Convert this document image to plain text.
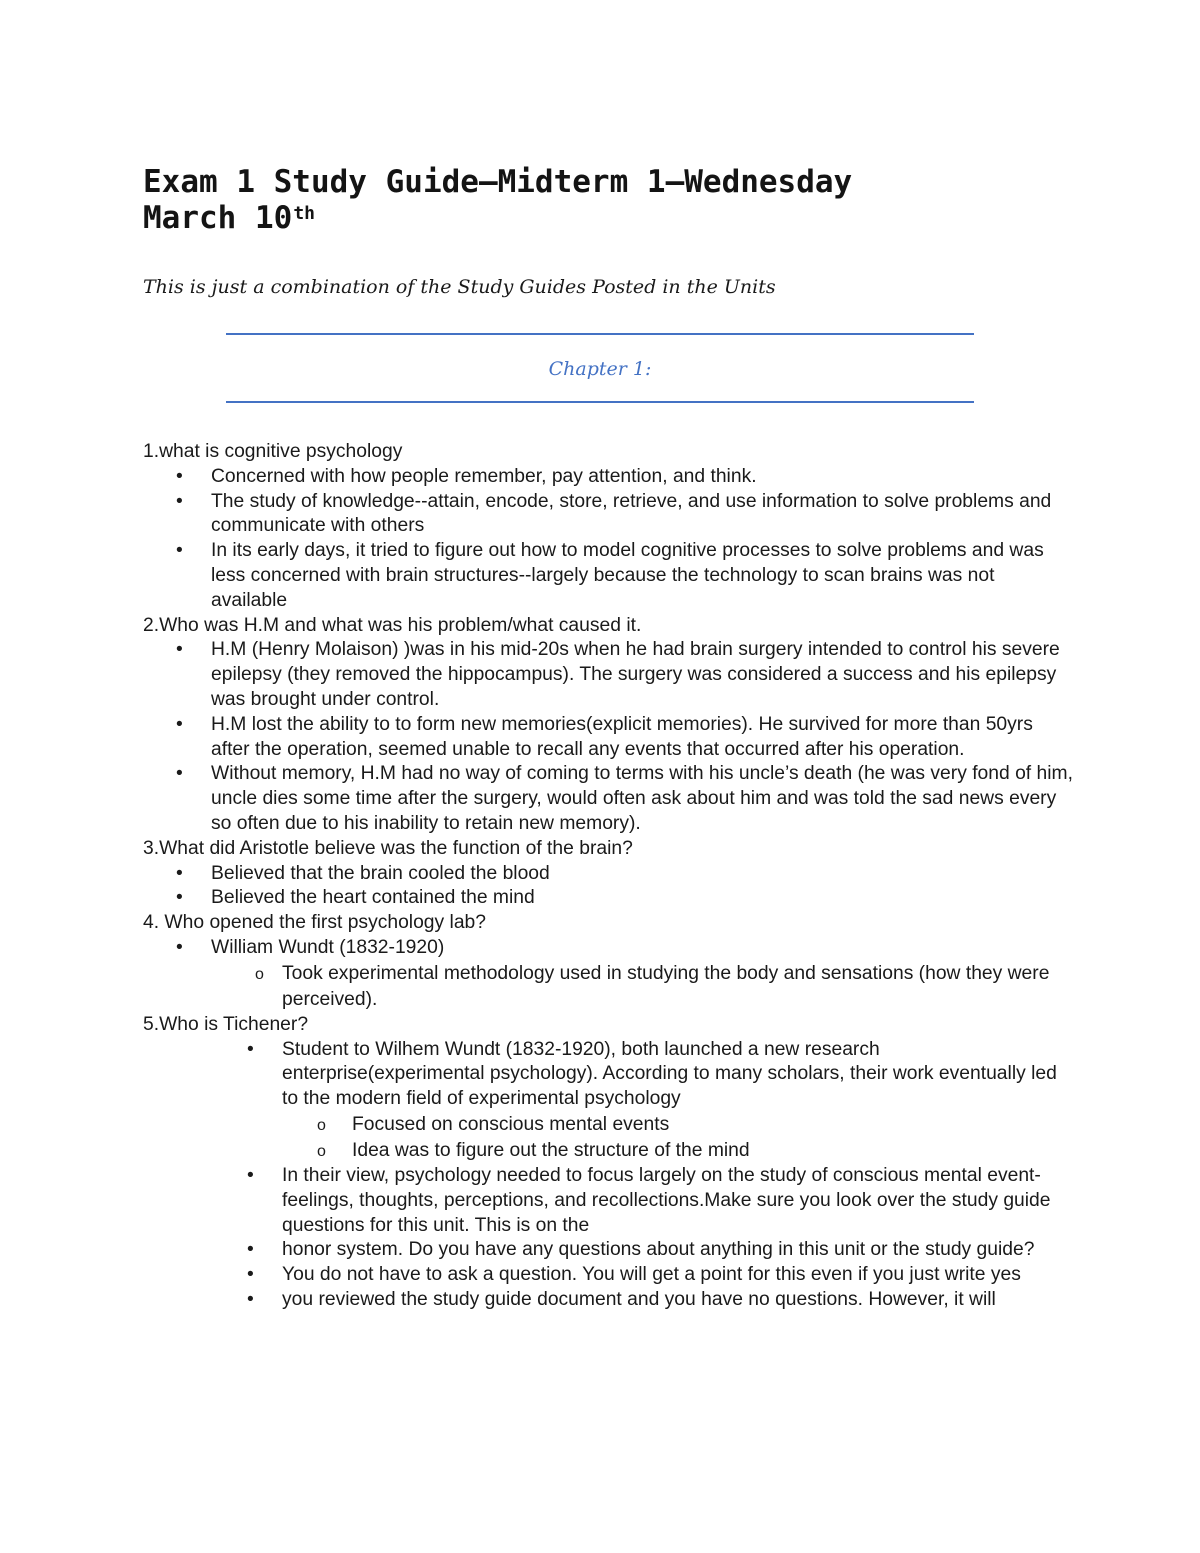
Exam 1 Study Guide—Midterm 1—Wednesday
March 10th

This is just a combination of the Study Guides Posted in the Units

Chapter 1:

1.what is cognitive psychology

• Concerned with how people remember, pay attention, and think.
• The study of knowledge--attain, encode, store, retrieve, and use information to solve problems and communicate with others
• In its early days, it tried to figure out how to model cognitive processes to solve problems and was less concerned with brain structures--largely because the technology to scan brains was not available

2.Who was H.M and what was his problem/what caused it.

• H.M (Henry Molaison) )was in his mid-20s when he had brain surgery intended to control his severe epilepsy (they removed the hippocampus). The surgery was considered a success and his epilepsy was brought under control.
• H.M lost the ability to to form new memories(explicit memories). He survived for more than 50yrs after the operation, seemed unable to recall any events that occurred after his operation.
• Without memory, H.M had no way of coming to terms with his uncle’s death (he was very fond of him, uncle dies some time after the surgery, would often ask about him and was told the sad news every so often due to his inability to retain new memory).

3.What did Aristotle believe was the function of the brain?

• Believed that the brain cooled the blood
• Believed the heart contained the mind

4. Who opened the first psychology lab?

• William Wundt (1832-1920)
o Took experimental methodology used in studying the body and sensations (how they were perceived).

5.Who is Tichener?

• Student to Wilhem Wundt (1832-1920), both launched a new research enterprise(experimental psychology). According to many scholars, their work eventually led to the modern field of experimental psychology
o Focused on conscious mental events
o Idea was to figure out the structure of the mind
• In their view, psychology needed to focus largely on the study of conscious mental event-feelings, thoughts, perceptions, and recollections.Make sure you look over the study guide questions for this unit. This is on the
• honor system. Do you have any questions about anything in this unit or the study guide?
• You do not have to ask a question. You will get a point for this even if you just write yes
• you reviewed the study guide document and you have no questions. However, it will
